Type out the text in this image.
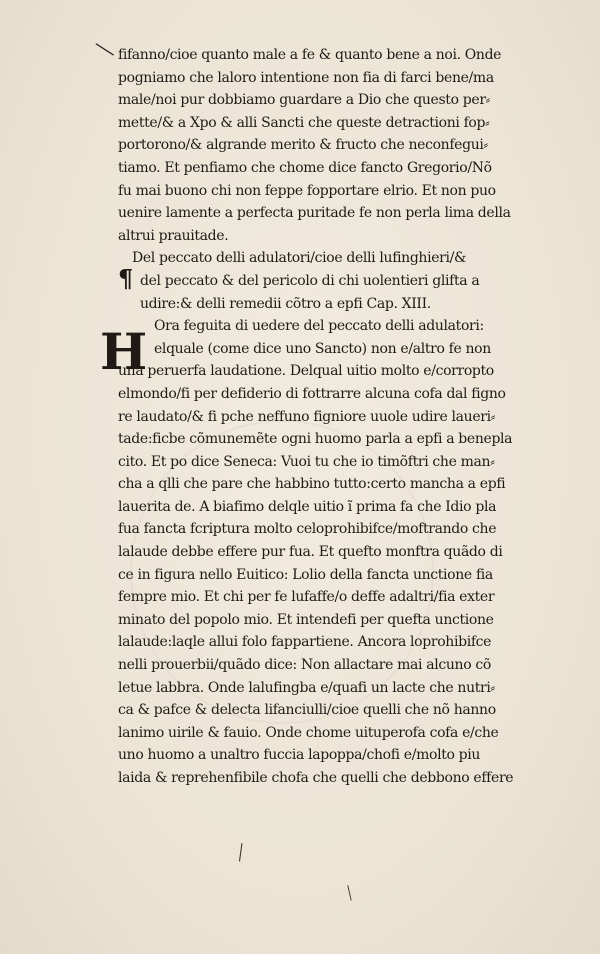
╲ fifanno/cioe quanto male a fe & quanto bene a noi. Onde
pogniamo che laloro intentione non fia di farci bene/ma
male/noi pur dobbiamo guardare a Dio che questo per⸗
mette/& a Xpo & alli Sancti che queste detractioni fop⸗
portorono/& algrande merito & fructo che neconfegui⸗
tiamo. Et penfiamo che chome dice fancto Gregorio/Nõ
fu mai buono chi non feppe fopportare elrio. Et non puo
uenire lamente a perfecta puritade fe non perla lima della
altrui prauitade.
Del peccato delli adulatori/cioe delli lufinghieri/&
del peccato & del pericolo di chi uolentieri glifta a
udire:& delli remedii cõtro a epfi Cap. XIII.
Ora feguita di uedere del peccato delli adulatori:
elquale (come dice uno Sancto) non e/altro fe non
una peruerfa laudatione. Delqual uitio molto e/corropto
elmondo/fi per defiderio di fottrarre alcuna cofa dal figno
re laudato/& fi pche neffuno figniore uuole udire laueri⸗
tade:ficbe cõmunemẽte ogni huomo parla a epfi a benepla
cito. Et po dice Seneca: Vuoi tu che io timõftri che man⸗
cha a qlli che pare che habbino tutto:certo mancha a epfi
lauerita de. A biafimo delqle uitio ĩ prima fa che Idio pla
fua fancta fcriptura molto celoprohibifce/moftrando che
lalaude debbe effere pur fua. Et quefto monftra quãdo di
ce in figura nello Euitico: Lolio della fancta unctione fia
fempre mio. Et chi per fe lufaffe/o deffe adaltri/fia exter
minato del popolo mio. Et intendefi per quefta unctione
lalaude:laqle allui folo fappartiene. Ancora loprohibifce
nelli prouerbii/quãdo dice: Non allactare mai alcuno cõ
letue labbra. Onde lalufingba e/quafi un lacte che nutri⸗
ca & pafce & delecta lifanciulli/cioe quelli che nõ hanno
lanimo uirile & fauio. Onde chome uituperofa cofa e/che
uno huomo a unaltro fuccia lapoppa/chofi e/molto piu
laida & reprehenfibile chofa che quelli che debbono effere
¶
H
╲
╱
